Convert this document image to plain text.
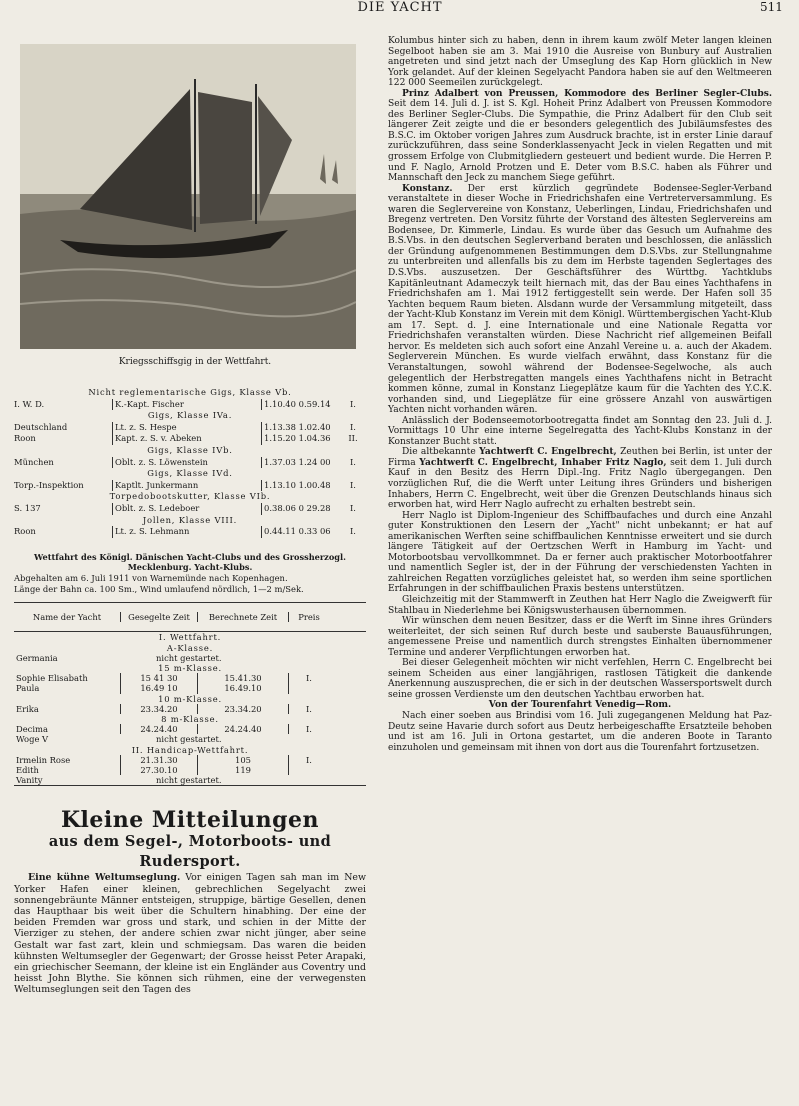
DIE YACHT	511
Kriegsschiffsgig in der Wettfahrt.
Nicht reglementarische Gigs, Klasse Vb.
I. W. D.	K.-Kapt. Fischer	1.10.40 0.59.14	I.
Gigs, Klasse IVa.
Deutschland	Lt. z. S. Hespe	1.13.38 1.02.40	I.
Roon	Kapt. z. S. v. Abeken	1.15.20 1.04.36	II.
Gigs, Klasse IVb.
München	Oblt. z. S. Löwenstein	1.37.03 1.24 00	I.
Gigs, Klasse IVd.
Torp.-Inspektion	Kaptlt. Junkermann	1.13.10 1.00.48	I.
Torpedobootskutter, Klasse VIb.
S. 137	Oblt. z. S. Ledeboer	0.38.06 0 29.28	I.
Jollen, Klasse VIII.
Roon	Lt. z. S. Lehmann	0.44.11 0.33 06	I.
Wettfahrt des Königl. Dänischen Yacht-Clubs und des Grossherzogl. Mecklenburg. Yacht-Klubs.
Abgehalten am 6. Juli 1911 von Warnemünde nach Kopenhagen.
Länge der Bahn ca. 100 Sm., Wind umlaufend nördlich, 1—2 m/Sek.
Name der Yacht	Gesegelte Zeit	Berechnete Zeit	Preis
I. Wettfahrt.
A-Klasse.
Germania	nicht gestartet.
15 m-Klasse.
Sophie Elisabath	15 41 30	15.41.30	I.
Paula	16.49 10	16.49.10
10 m-Klasse.
Erika	23.34.20	23.34.20	I.
8 m-Klasse.
Decima	24.24.40	24.24.40	I.
Woge V	nicht gestartet.
II. Handicap-Wettfahrt.
Irmelin Rose	21.31.30	105	I.
Edith	27.30.10	119
Vanity	nicht gestartet.
Kleine Mitteilungen
aus dem Segel-, Motorboots- und Rudersport.

Eine kühne Weltumseglung. Vor einigen Tagen sah man im New Yorker Hafen einer kleinen, gebrechlichen Segelyacht zwei sonnengebräunte Männer entsteigen, struppige, bärtige Gesellen, denen das Haupthaar bis weit über die Schultern hinabhing. Der eine der beiden Fremden war gross und stark, und schien in der Mitte der Vierziger zu stehen, der andere schien zwar nicht jünger, aber seine Gestalt war fast zart, klein und schmiegsam. Das waren die beiden kühnsten Weltumsegler der Gegenwart; der Grosse heisst Peter Arapaki, ein griechischer Seemann, der kleine ist ein Engländer aus Coventry und heisst John Blythe. Sie können sich rühmen, eine der verwegensten Weltumseglungen seit den Tagen des

Kolumbus hinter sich zu haben, denn in ihrem kaum zwölf Meter langen kleinen Segelboot haben sie am 3. Mai 1910 die Ausreise von Bunbury auf Australien angetreten und sind jetzt nach der Umseglung des Kap Horn glücklich in New York gelandet. Auf der kleinen Segelyacht Pandora haben sie auf den Weltmeeren 122 000 Seemeilen zurückgelegt.

Prinz Adalbert von Preussen, Kommodore des Berliner Segler-Clubs. Seit dem 14. Juli d. J. ist S. Kgl. Hoheit Prinz Adalbert von Preussen Kommodore des Berliner Segler-Clubs. Die Sympathie, die Prinz Adalbert für den Club seit längerer Zeit zeigte und die er besonders gelegentlich des Jubiläumsfestes des B.S.C. im Oktober vorigen Jahres zum Ausdruck brachte, ist in erster Linie darauf zurückzuführen, dass seine Sonderklassenyacht Jeck in vielen Regatten und mit grossem Erfolge von Clubmitgliedern gesteuert und bedient wurde. Die Herren P. und F. Naglo, Arnold Protzen und E. Deter vom B.S.C. haben als Führer und Mannschaft den Jeck zu manchem Siege geführt.

Konstanz. Der erst kürzlich gegründete Bodensee-Segler-Verband veranstaltete in dieser Woche in Friedrichshafen eine Vertreterversammlung. Es waren die Seglervereine von Konstanz, Ueberlingen, Lindau, Friedrichshafen und Bregenz vertreten. Den Vorsitz führte der Vorstand des ältesten Seglervereins am Bodensee, Dr. Kimmerle, Lindau. Es wurde über das Gesuch um Aufnahme des B.S.Vbs. in den deutschen Seglerverband beraten und beschlossen, die anlässlich der Gründung aufgenommenen Bestimmungen dem D.S.Vbs. zur Stellungnahme zu unterbreiten und allenfalls bis zu dem im Herbste tagenden Seglertages des D.S.Vbs. auszusetzen. Der Geschäftsführer des Württbg. Yachtklubs Kapitänleutnant Adameczyk teilt hiernach mit, das der Bau eines Yachthafens in Friedrichshafen am 1. Mai 1912 fertiggestellt sein werde. Der Hafen soll 35 Yachten bequem Raum bieten. Alsdann wurde der Versammlung mitgeteilt, dass der Yacht-Klub Konstanz im Verein mit dem Königl. Württembergischen Yacht-Klub am 17. Sept. d. J. eine Internationale und eine Nationale Regatta vor Friedrichshafen veranstalten würden. Diese Nachricht rief allgemeinen Beifall hervor. Es meldeten sich auch sofort eine Anzahl Vereine u. a. auch der Akadem. Seglerverein München. Es wurde vielfach erwähnt, dass Konstanz für die Veranstaltungen, sowohl während der Bodensee-Segelwoche, als auch gelegentlich der Herbstregatten mangels eines Yachthafens nicht in Betracht kommen könne, zumal in Konstanz Liegeplätze kaum für die Yachten des Y.C.K. vorhanden sind, und Liegeplätze für eine grössere Anzahl von auswärtigen Yachten nicht vorhanden wären.

Anlässlich der Bodenseemotorbootregatta findet am Sonntag den 23. Juli d. J. Vormittags 10 Uhr eine interne Segelregatta des Yacht-Klubs Konstanz in der Konstanzer Bucht statt.

Die altbekannte Yachtwerft C. Engelbrecht, Zeuthen bei Berlin, ist unter der Firma Yachtwerft C. Engelbrecht, Inhaber Fritz Naglo, seit dem 1. Juli durch Kauf in den Besitz des Herrn Dipl.-Ing. Fritz Naglo übergegangen. Den vorzüglichen Ruf, die die Werft unter Leitung ihres Gründers und bisherigen Inhabers, Herrn C. Engelbrecht, weit über die Grenzen Deutschlands hinaus sich erworben hat, wird Herr Naglo aufrecht zu erhalten bestrebt sein.

Herr Naglo ist Diplom-Ingenieur des Schiffbaufaches und durch eine Anzahl guter Konstruktionen den Lesern der „Yacht" nicht unbekannt; er hat auf amerikanischen Werften seine schiffbaulichen Kenntnisse erweitert und sie durch längere Tätigkeit auf der Oertzschen Werft in Hamburg im Yacht- und Motorbootsbau vervollkommnet. Da er ferner auch praktischer Motorbootfahrer und namentlich Segler ist, der in der Führung der verschiedensten Yachten in zahlreichen Regatten vorzügliches geleistet hat, so werden ihm seine sportlichen Erfahrungen in der schiffbaulichen Praxis bestens unterstützen.

Gleichzeitig mit der Stammwerft in Zeuthen hat Herr Naglo die Zweigwerft für Stahlbau in Niederlehme bei Königswusterhausen übernommen.

Wir wünschen dem neuen Besitzer, dass er die Werft im Sinne ihres Gründers weiterleitet, der sich seinen Ruf durch beste und sauberste Bauausführungen, angemessene Preise und namentlich durch strengstes Einhalten übernommener Termine und anderer Verpflichtungen erworben hat.

Bei dieser Gelegenheit möchten wir nicht verfehlen, Herrn C. Engelbrecht bei seinem Scheiden aus einer langjährigen, rastlosen Tätigkeit die dankende Anerkennung auszusprechen, die er sich in der deutschen Wassersportswelt durch seine grossen Verdienste um den deutschen Yachtbau erworben hat.

Von der Tourenfahrt Venedig—Rom.

Nach einer soeben aus Brindisi vom 16. Juli zugegangenen Meldung hat Paz-Deutz seine Havarie durch sofort aus Deutz herbeigeschaffte Ersatzteile behoben und ist am 16. Juli in Ortona gestartet, um die anderen Boote in Taranto einzuholen und gemeinsam mit ihnen von dort aus die Tourenfahrt fortzusetzen.
